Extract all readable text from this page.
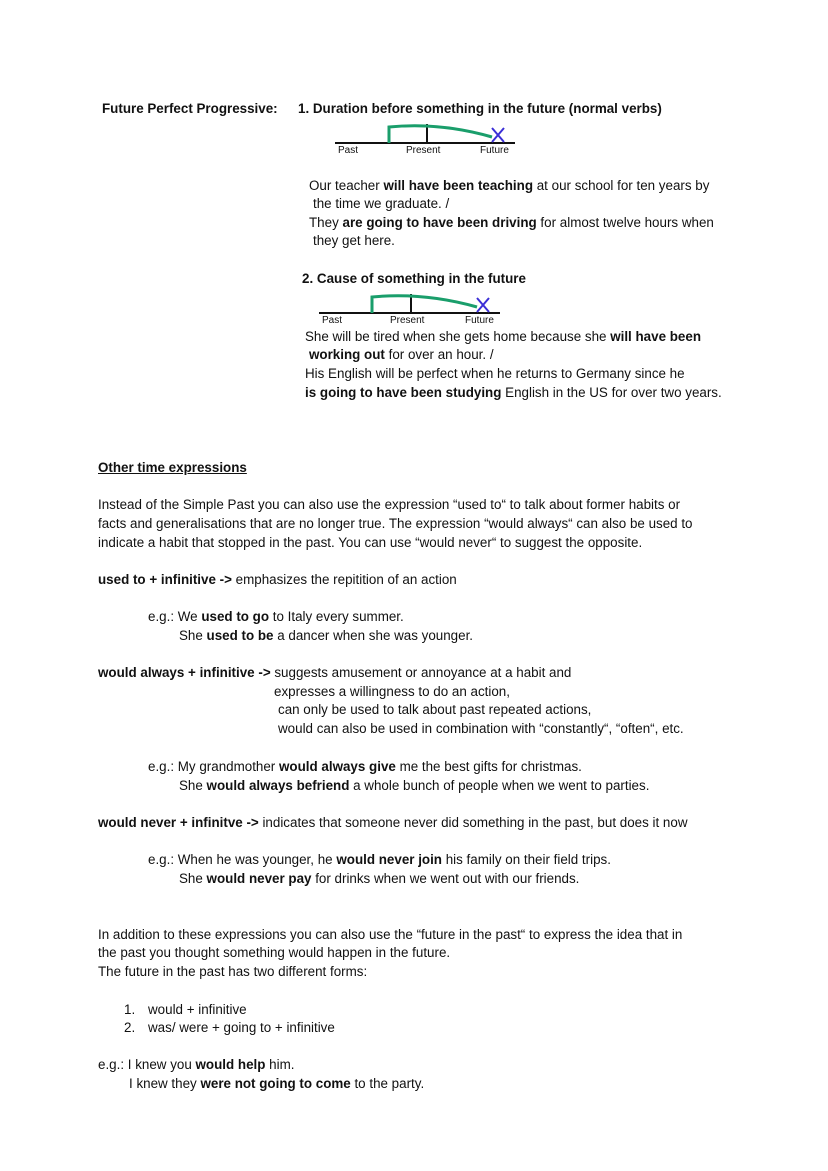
Future Perfect Progressive: 1. Duration before something in the future (normal verbs)
Past	Present	Future
Our teacher will have been teaching at our school for ten years by
the time we graduate. /
They are going to have been driving for almost twelve hours when
they get here.
2. Cause of something in the future
Past	Present	Future
She will be tired when she gets home because she will have been
working out for over an hour. /
His English will be perfect when he returns to Germany since he
is going to have been studying English in the US for over two years.
Other time expressions
Instead of the Simple Past you can also use the expression “used to“ to talk about former habits or
facts and generalisations that are no longer true. The expression “would always“ can also be used to
indicate a habit that stopped in the past. You can use “would never“ to suggest the opposite.
used to + infinitive -> emphasizes the repitition of an action
e.g.: We used to go to Italy every summer.
She used to be a dancer when she was younger.
would always + infinitive -> suggests amusement or annoyance at a habit and
expresses a willingness to do an action,
can only be used to talk about past repeated actions,
would can also be used in combination with “constantly“, “often“, etc.
e.g.: My grandmother would always give me the best gifts for christmas.
She would always befriend a whole bunch of people when we went to parties.
would never + infinitve -> indicates that someone never did something in the past, but does it now
e.g.: When he was younger, he would never join his family on their field trips.
She would never pay for drinks when we went out with our friends.
In addition to these expressions you can also use the “future in the past“ to express the idea that in
the past you thought something would happen in the future.
The future in the past has two different forms:
1. would + infinitive
2. was/ were + going to + infinitive
e.g.: I knew you would help him.
I knew they were not going to come to the party.
